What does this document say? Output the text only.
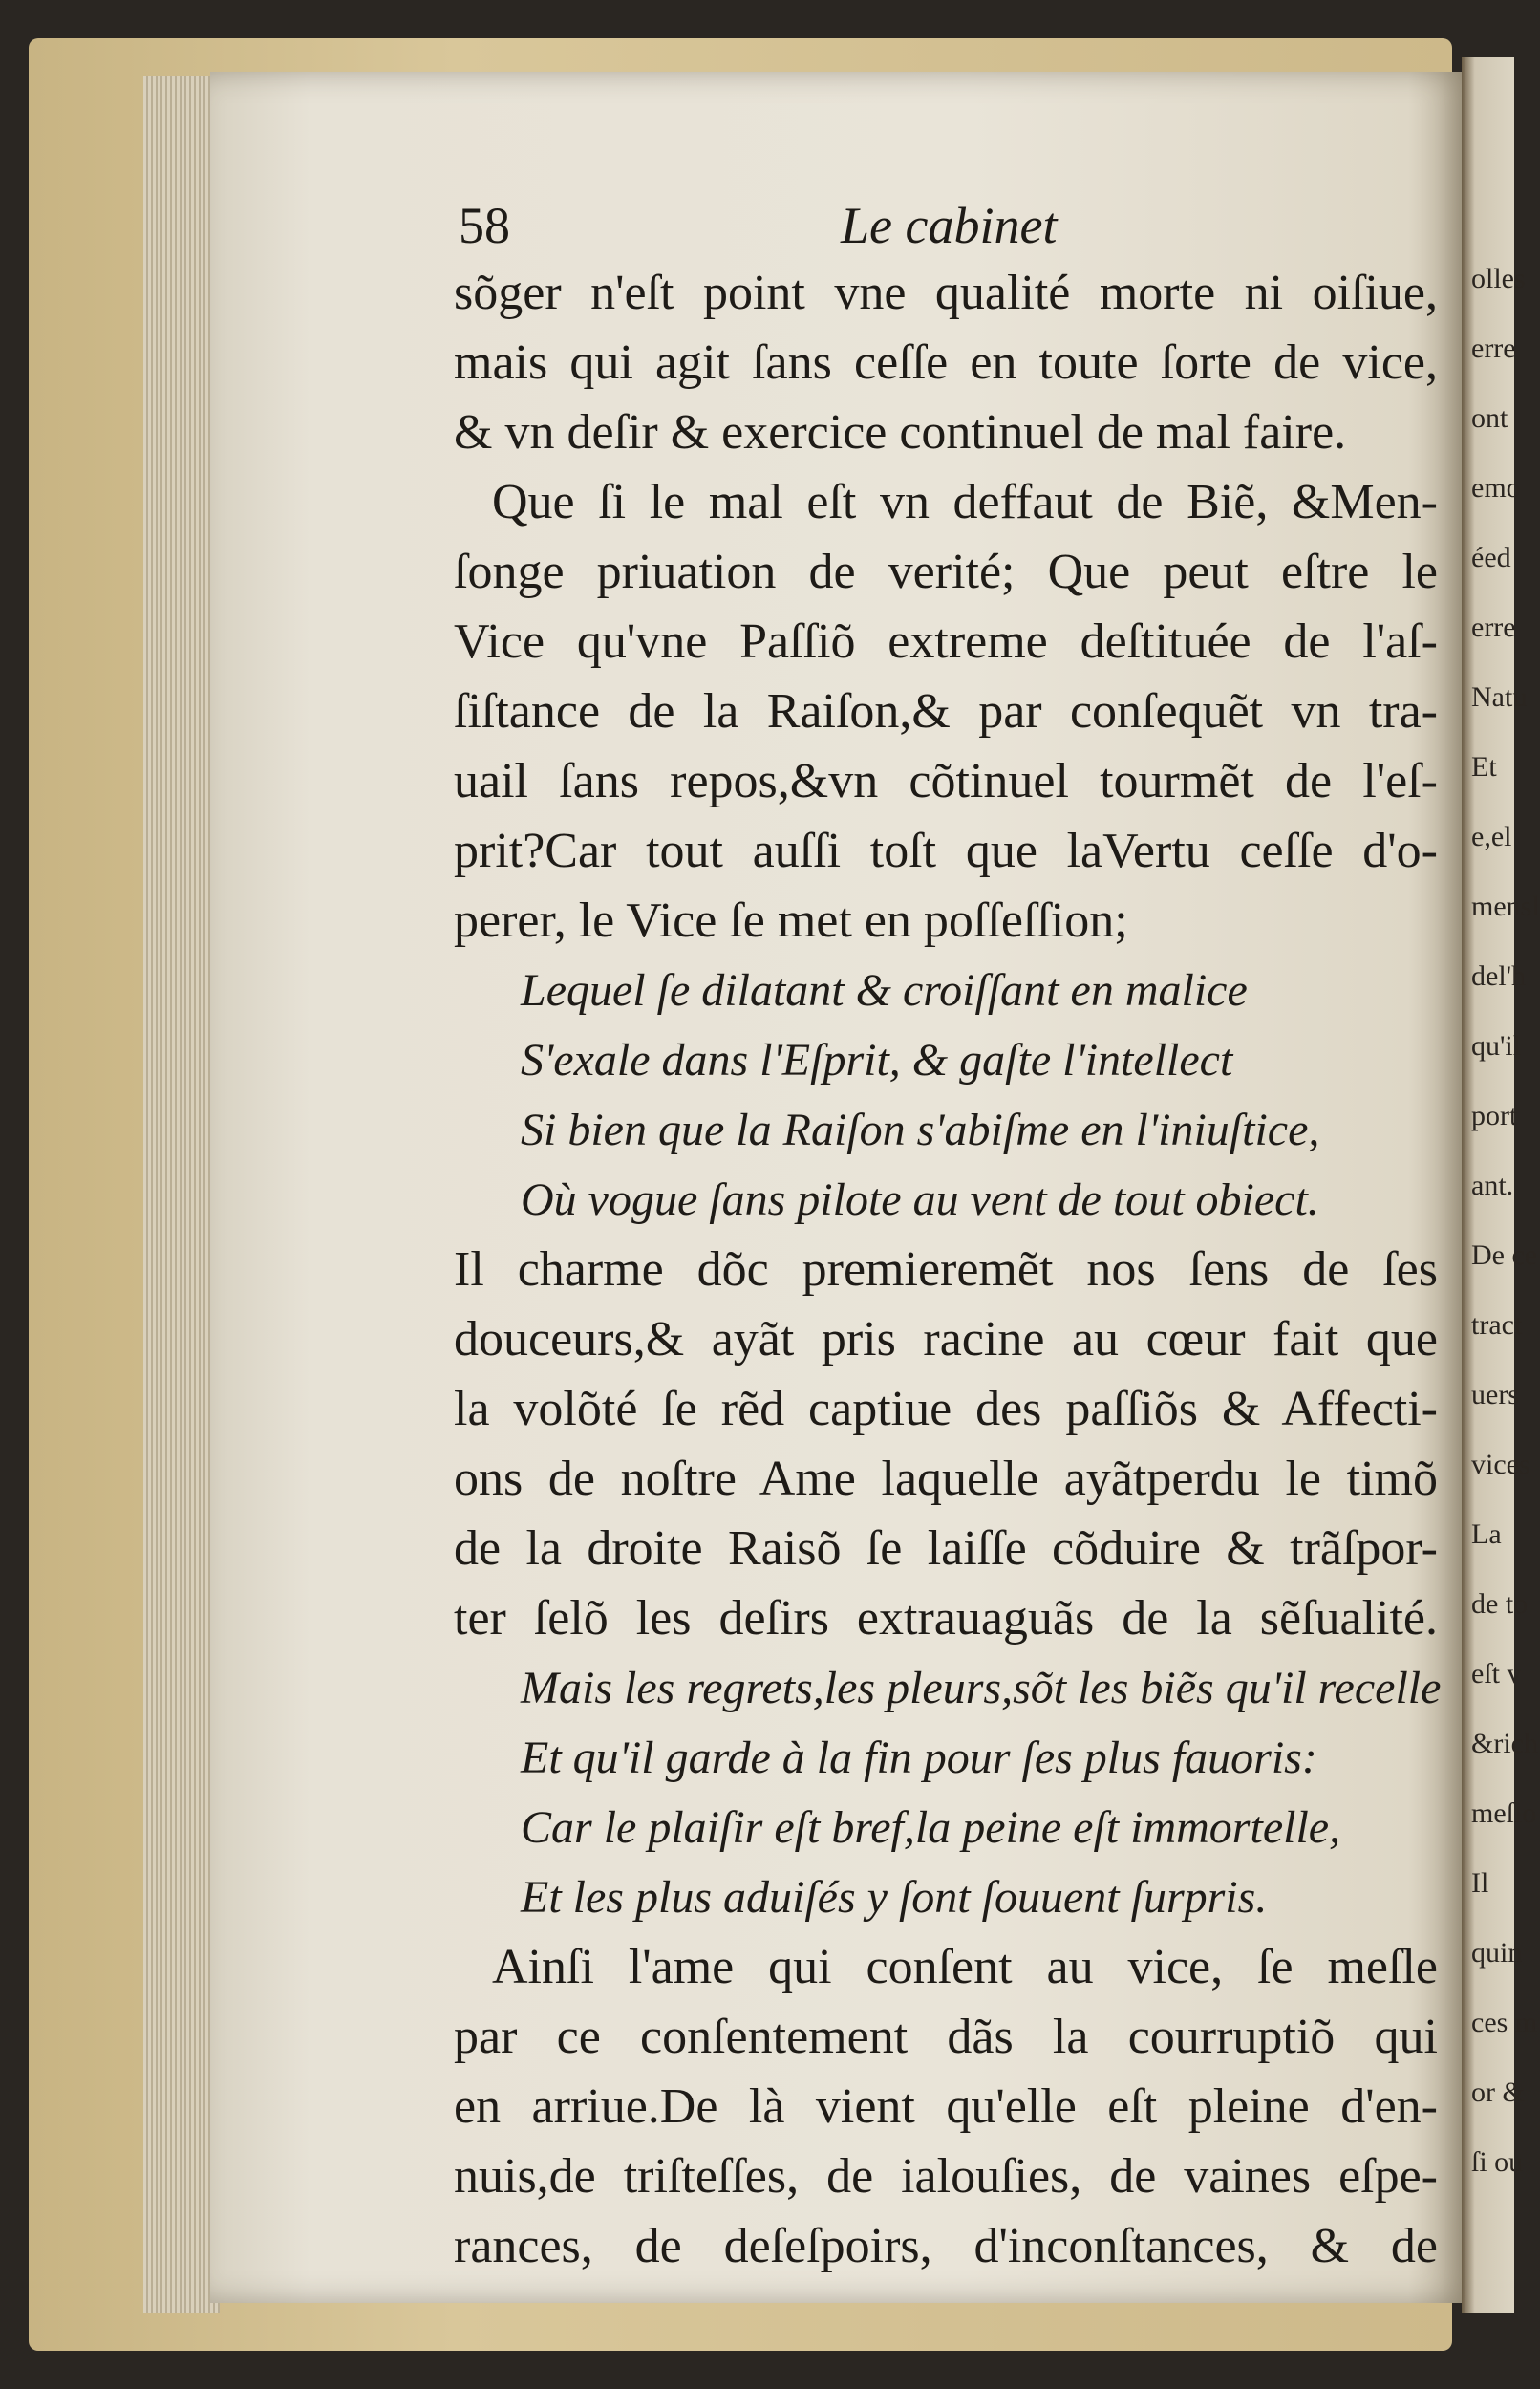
olles
erre
ont
emo
éed
erre
Natu
Et
e,el
mensl
del'h
qu'il
port
ant.
De ce
tract
uers
vices
La
de to
eſt v
&rich
meſlo
Il
quin
ces m
or &
ſi ou
58	Le cabinet
sõger n'eſt point vne qualité morte ni oiſiue,
mais qui agit ſans ceſſe en toute ſorte de vice,
& vn deſir & exercice continuel de mal faire.
Que ſi le mal eſt vn deffaut de Biẽ, &Men-
ſonge priuation de verité; Que peut eſtre le
Vice qu'vne Paſſiõ extreme deſtituée de l'aſ-
ſiſtance de la Raiſon,& par conſequẽt vn tra-
uail ſans repos,&vn cõtinuel tourmẽt de l'eſ-
prit?Car tout auſſi toſt que laVertu ceſſe d'o-
perer, le Vice ſe met en poſſeſſion;
Lequel ſe dilatant & croiſſant en malice
S'exale dans l'Eſprit, & gaſte l'intellect
Si bien que la Raiſon s'abiſme en l'iniuſtice,
Où vogue ſans pilote au vent de tout obiect.
Il charme dõc premieremẽt nos ſens de ſes
douceurs,& ayãt pris racine au cœur fait que
la volõté ſe rẽd captiue des paſſiõs & Affecti-
ons de noſtre Ame laquelle ayãtperdu le timõ
de la droite Raisõ ſe laiſſe cõduire & trãſpor-
ter ſelõ les deſirs extrauaguãs de la sẽſualité.
Mais les regrets,les pleurs,sõt les biẽs qu'il recelle
Et qu'il garde à la fin pour ſes plus fauoris:
Car le plaiſir eſt bref,la peine eſt immortelle,
Et les plus aduiſés y ſont ſouuent ſurpris.
Ainſi l'ame qui conſent au vice, ſe meſle
par ce conſentement dãs la courruptiõ qui
en arriue.De là vient qu'elle eſt pleine d'en-
nuis,de triſteſſes, de ialouſies, de vaines eſpe-
rances, de deſeſpoirs, d'inconſtances, & de
